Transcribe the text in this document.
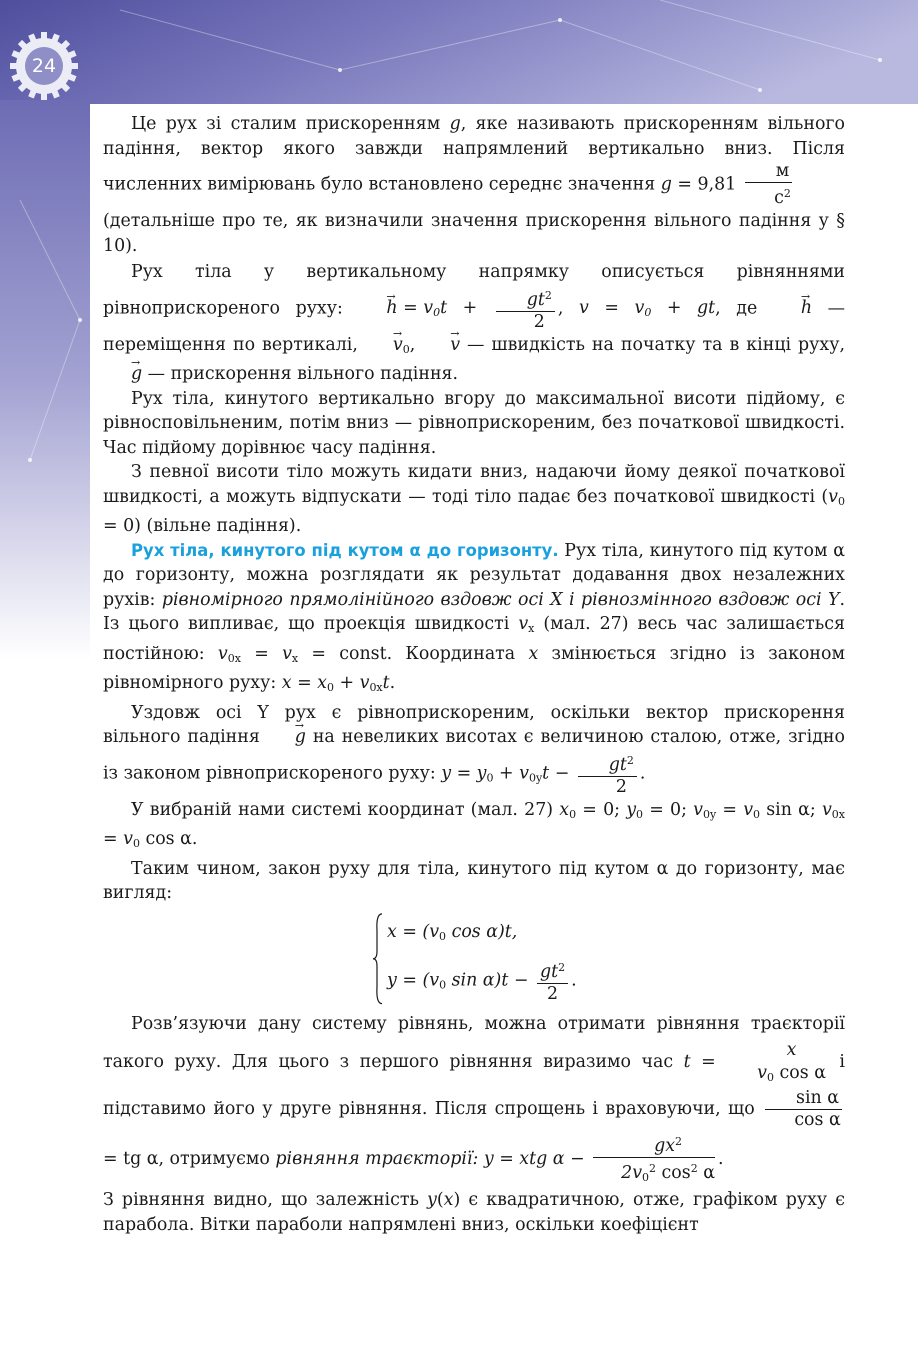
24

Це рух зі сталим прискоренням g, яке називають прискоренням вільного падіння, вектор якого завжди напрямлений вертикально вниз. Після численних вимірювань було встановлено середнє значення g = 9,81
м
$с^2$

(детальніше про те, як визначили значення прискорення вільного падіння у § 10).

Рух тіла у вертикальному напрямку описується рівняннями рівноприскореного руху: → $h = v_0t + \frac{gt^2}{2}$ , $v = v_0$ + gt, де → h — переміщення по вертикалі, → $v_0$, → v — швидкість на початку та в кінці руху, → g — прискорення вільного падіння.

Рух тіла, кинутого вертикально вгору до максимальної висоти підйому, є рівносповільненим, потім вниз — рівноприскореним, без початкової швидкості. Час підйому дорівнює часу падіння.

З певної висоти тіло можуть кидати вниз, надаючи йому деякої початкової швидкості, а можуть відпускати — тоді тіло падає без початкової швидкості $(v_0 = 0)$ (вільне падіння).

Рух тіла, кинутого під кутом α до горизонту. Рух тіла, кинутого під кутом α до горизонту, можна розглядати як результат додавання двох незалежних рухів: рівномірного прямолінійного вздовж осі X і рівнозмінного вздовж осі Y. Із цього випливає, що проекція швидкості $v_x$ (мал. 27) весь час залишається постійною: $v_{0x} = v_x$ = const. Координата x змінюється згідно із законом рівномірного руху: $x = x_0 + v_{0x}t$.

Уздовж осі Y рух є рівноприскореним, оскільки вектор прискорення вільного падіння → g на невеликих висотах є величиною сталою, отже, згідно із законом рівноприскореного руху: $y = y_0 + v_{0y}t - \frac{gt^2}{2}$ .

У вибраній нами системі координат (мал. 27) $x_0 = 0$; $y_0 = 0$; $v_{0y} = v_0$ sin α; $v_{0x} = v_0$ cos α.

Таким чином, закон руху для тіла, кинутого під кутом α до горизонту, має вигляд:

$x = (v_0$ cos α)t,
$y = (v_0$ $\sin \alpha)t - \frac{gt^2}{2}$ .

Розв’язуючи дану систему рівнянь, можна отримати рівняння траєкторії такого руху. Для цього з першого рівняння виразимо час t = x
$v_0$ cos α
і підставимо його у друге рівняння. Після спрощень і враховуючи, що $\frac{\text{sin α}}{\text{cos α}}$
= tg α, отримуємо рівняння траєкторії: y = xtg $\alpha - \frac{gx^2}{2v_0^2 \cos^2 \alpha}$ .

З рівняння видно, що залежність y(x) є квадратичною, отже, графіком руху є парабола. Вітки параболи напрямлені вниз, оскільки коефіцієнт
